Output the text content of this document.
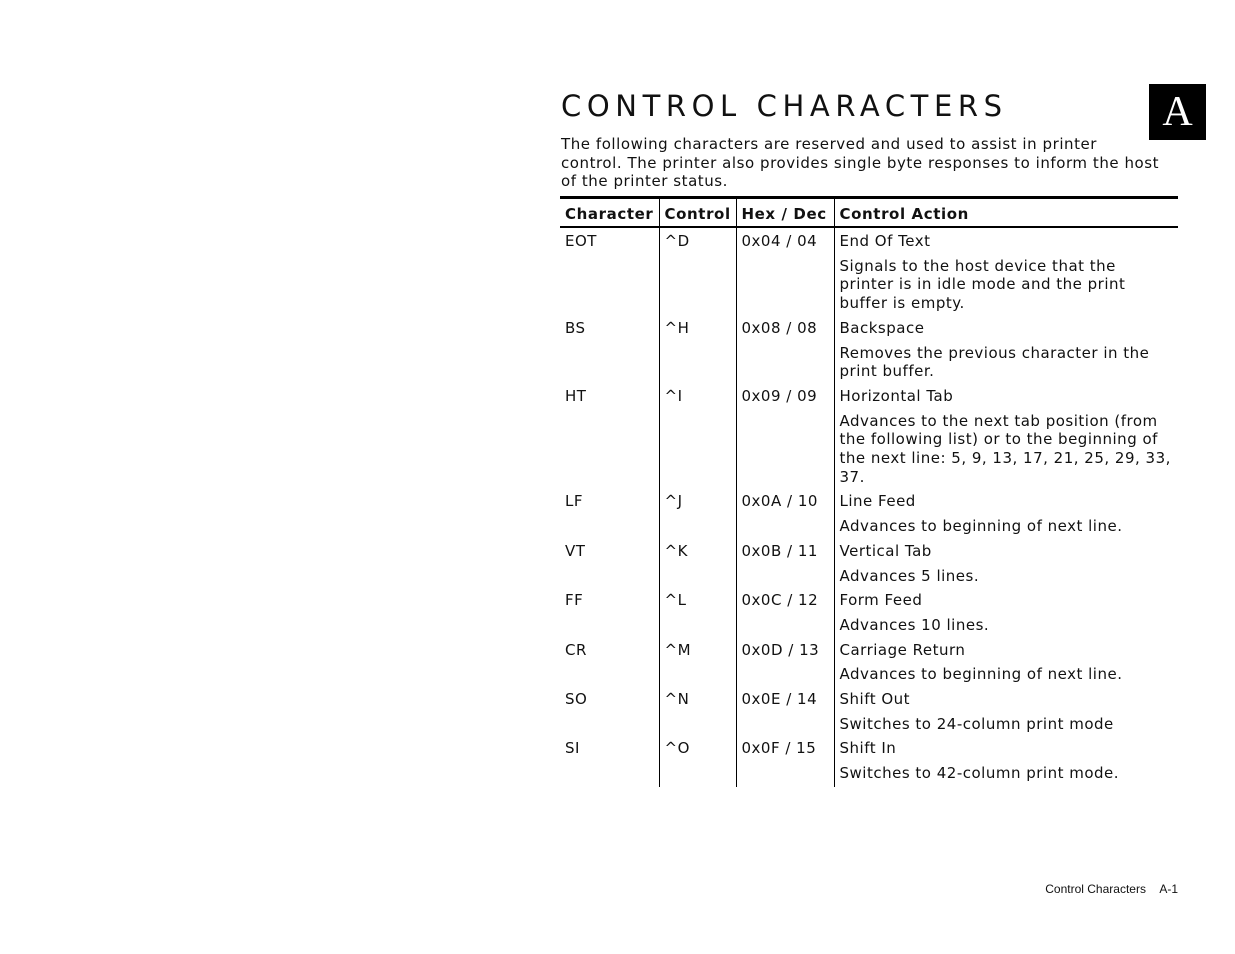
CONTROL CHARACTERS	A

The following characters are reserved and used to assist in printer control. The printer also provides single byte responses to inform the host of the printer status.

Character	Control	Hex / Dec	Control Action
EOT	^D	0x04 / 04	End Of Text
			Signals to the host device that the printer is in idle mode and the print buffer is empty.
BS	^H	0x08 / 08	Backspace
			Removes the previous character in the print buffer.
HT	^I	0x09 / 09	Horizontal Tab
			Advances to the next tab position (from the following list) or to the beginning of the next line: 5, 9, 13, 17, 21, 25, 29, 33, 37.
LF	^J	0x0A / 10	Line Feed
			Advances to beginning of next line.
VT	^K	0x0B / 11	Vertical Tab
			Advances 5 lines.
FF	^L	0x0C / 12	Form Feed
			Advances 10 lines.
CR	^M	0x0D / 13	Carriage Return
			Advances to beginning of next line.
SO	^N	0x0E / 14	Shift Out
			Switches to 24-column print mode
SI	^O	0x0F / 15	Shift In
			Switches to 42-column print mode.
Control Characters A-1
